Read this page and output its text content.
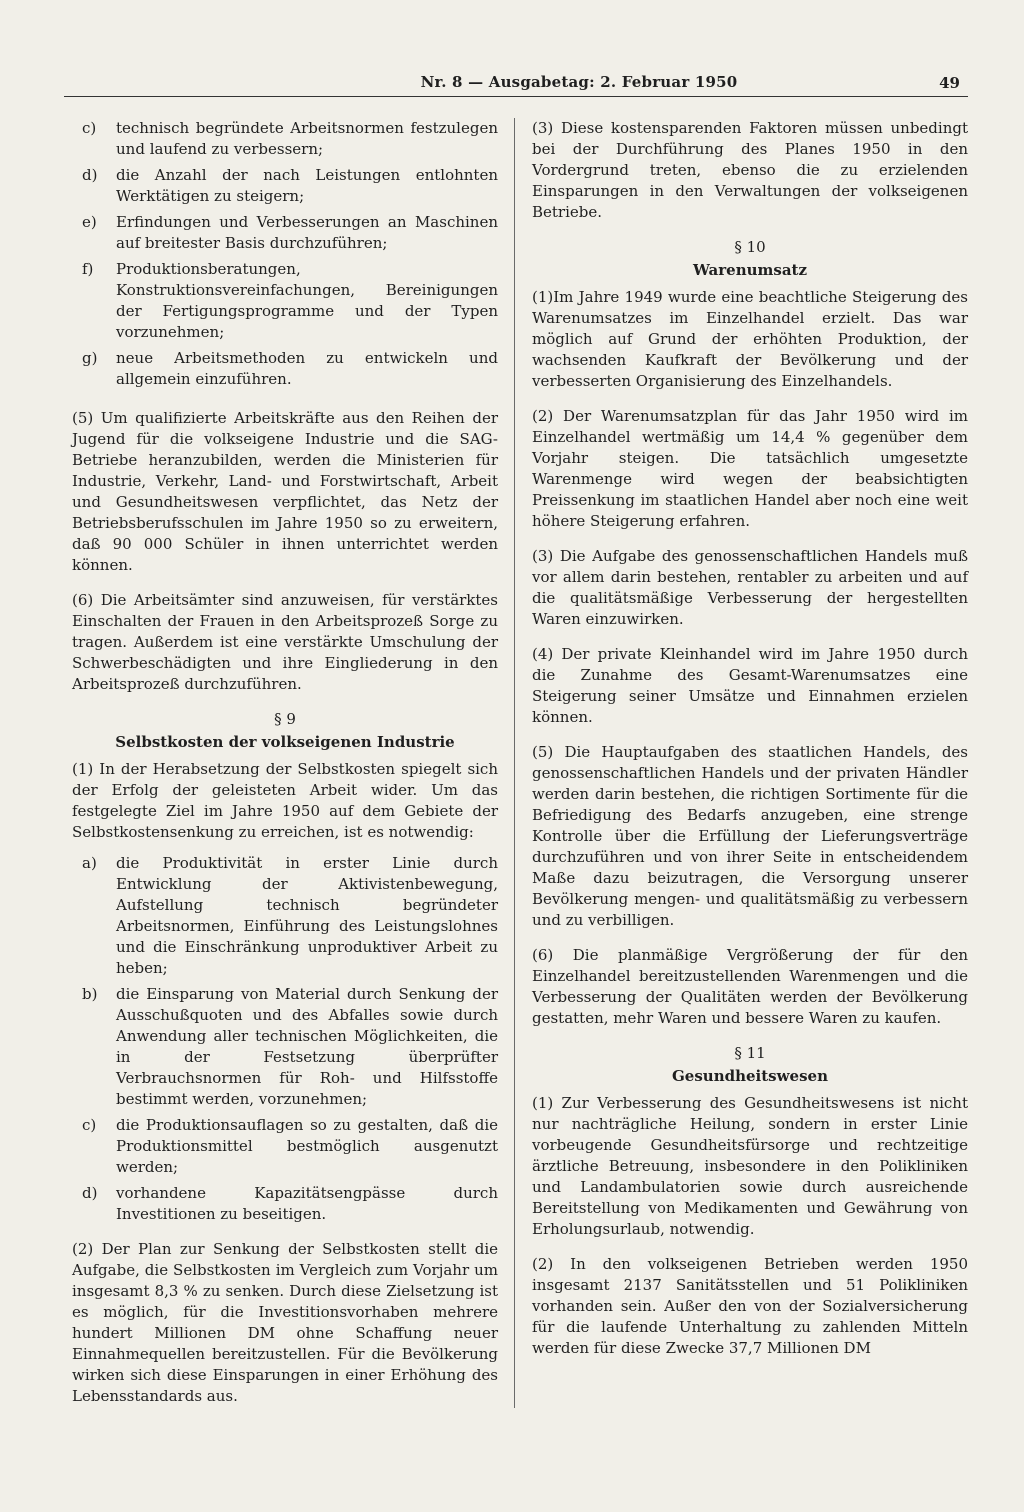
Nr. 8 — Ausgabetag: 2. Februar 1950	49
c)	technisch begründete Arbeitsnormen festzulegen und laufend zu verbessern;
d)	die Anzahl der nach Leistungen entlohnten Werktätigen zu steigern;
e)	Erfindungen und Verbesserungen an Maschinen auf breitester Basis durchzuführen;
f)	Produktionsberatungen, Konstruktionsvereinfachungen, Bereinigungen der Fertigungsprogramme und der Typen vorzunehmen;
g)	neue Arbeitsmethoden zu entwickeln und allgemein einzuführen.

(5) Um qualifizierte Arbeitskräfte aus den Reihen der Jugend für die volkseigene Industrie und die SAG-Betriebe heranzubilden, werden die Ministerien für Industrie, Verkehr, Land- und Forstwirtschaft, Arbeit und Gesundheitswesen verpflichtet, das Netz der Betriebsberufsschulen im Jahre 1950 so zu erweitern, daß 90 000 Schüler in ihnen unterrichtet werden können.

(6) Die Arbeitsämter sind anzuweisen, für verstärktes Einschalten der Frauen in den Arbeitsprozeß Sorge zu tragen. Außerdem ist eine verstärkte Umschulung der Schwerbeschädigten und ihre Eingliederung in den Arbeitsprozeß durchzuführen.

§ 9
Selbstkosten der volkseigenen Industrie

(1) In der Herabsetzung der Selbstkosten spiegelt sich der Erfolg der geleisteten Arbeit wider. Um das festgelegte Ziel im Jahre 1950 auf dem Gebiete der Selbstkostensenkung zu erreichen, ist es notwendig:

a)	die Produktivität in erster Linie durch Entwicklung der Aktivistenbewegung, Aufstellung technisch begründeter Arbeitsnormen, Einführung des Leistungslohnes und die Einschränkung unproduktiver Arbeit zu heben;
b)	die Einsparung von Material durch Senkung der Ausschußquoten und des Abfalles sowie durch Anwendung aller technischen Möglichkeiten, die in der Festsetzung überprüfter Verbrauchsnormen für Roh- und Hilfsstoffe bestimmt werden, vorzunehmen;
c)	die Produktionsauflagen so zu gestalten, daß die Produktionsmittel bestmöglich ausgenutzt werden;
d)	vorhandene Kapazitätsengpässe durch Investitionen zu beseitigen.

(2) Der Plan zur Senkung der Selbstkosten stellt die Aufgabe, die Selbstkosten im Vergleich zum Vorjahr um insgesamt 8,3 % zu senken. Durch diese Zielsetzung ist es möglich, für die Investitionsvorhaben mehrere hundert Millionen DM ohne Schaffung neuer Einnahmequellen bereitzustellen. Für die Bevölkerung wirken sich diese Einsparungen in einer Erhöhung des Lebensstandards aus.

(3) Diese kostensparenden Faktoren müssen unbedingt bei der Durchführung des Planes 1950 in den Vordergrund treten, ebenso die zu erzielenden Einsparungen in den Verwaltungen der volkseigenen Betriebe.

§ 10
Warenumsatz

(1)Im Jahre 1949 wurde eine beachtliche Steigerung des Warenumsatzes im Einzelhandel erzielt. Das war möglich auf Grund der erhöhten Produktion, der wachsenden Kaufkraft der Bevölkerung und der verbesserten Organisierung des Einzelhandels.

(2) Der Warenumsatzplan für das Jahr 1950 wird im Einzelhandel wertmäßig um 14,4 % gegenüber dem Vorjahr steigen. Die tatsächlich umgesetzte Warenmenge wird wegen der beabsichtigten Preissenkung im staatlichen Handel aber noch eine weit höhere Steigerung erfahren.

(3) Die Aufgabe des genossenschaftlichen Handels muß vor allem darin bestehen, rentabler zu arbeiten und auf die qualitätsmäßige Verbesserung der hergestellten Waren einzuwirken.

(4) Der private Kleinhandel wird im Jahre 1950 durch die Zunahme des Gesamt-Warenumsatzes eine Steigerung seiner Umsätze und Einnahmen erzielen können.

(5) Die Hauptaufgaben des staatlichen Handels, des genossenschaftlichen Handels und der privaten Händler werden darin bestehen, die richtigen Sortimente für die Befriedigung des Bedarfs anzugeben, eine strenge Kontrolle über die Erfüllung der Lieferungsverträge durchzuführen und von ihrer Seite in entscheidendem Maße dazu beizutragen, die Versorgung unserer Bevölkerung mengen- und qualitätsmäßig zu verbessern und zu verbilligen.

(6) Die planmäßige Vergrößerung der für den Einzelhandel bereitzustellenden Warenmengen und die Verbesserung der Qualitäten werden der Bevölkerung gestatten, mehr Waren und bessere Waren zu kaufen.

§ 11
Gesundheitswesen

(1) Zur Verbesserung des Gesundheitswesens ist nicht nur nachträgliche Heilung, sondern in erster Linie vorbeugende Gesundheitsfürsorge und rechtzeitige ärztliche Betreuung, insbesondere in den Polikliniken und Landambulatorien sowie durch ausreichende Bereitstellung von Medikamenten und Gewährung von Erholungsurlaub, notwendig.

(2) In den volkseigenen Betrieben werden 1950 insgesamt 2137 Sanitätsstellen und 51 Polikliniken vorhanden sein. Außer den von der Sozialversicherung für die laufende Unterhaltung zu zahlenden Mitteln werden für diese Zwecke 37,7 Millionen DM
